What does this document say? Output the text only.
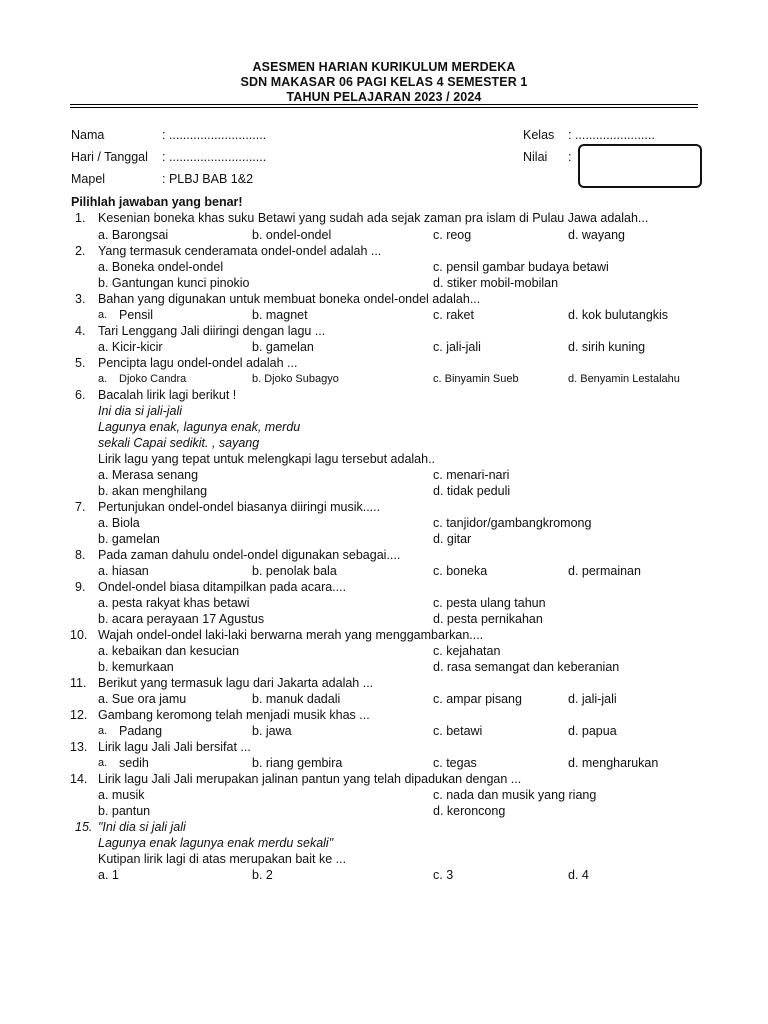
ASESMEN HARIAN KURIKULUM MERDEKA
SDN MAKASAR 06 PAGI KELAS 4 SEMESTER 1
TAHUN PELAJARAN 2023 / 2024
Nama	: ............................
Hari / Tanggal : ............................
Mapel	: PLBJ BAB 1&2
Kelas : .......................
Nilai :
Pilihlah jawaban yang benar!
1. Kesenian boneka khas suku Betawi yang sudah ada sejak zaman pra islam di Pulau Jawa adalah...
a. Barongsai	b. ondel-ondel	c. reog	d. wayang
2. Yang termasuk cenderamata ondel-ondel adalah ...
a. Boneka ondel-ondel	c. pensil gambar budaya betawi
b. Gantungan kunci pinokio	d. stiker mobil-mobilan
3. Bahan yang digunakan untuk membuat boneka ondel-ondel adalah...
a. Pensil	b. magnet	c. raket	d. kok bulutangkis
4. Tari Lenggang Jali diiringi dengan lagu ...
a. Kicir-kicir	b. gamelan	c. jali-jali	d. sirih kuning
5. Pencipta lagu ondel-ondel adalah ...
a. Djoko Candra	b. Djoko Subagyo	c. Binyamin Sueb	d. Benyamin Lestalahu
6. Bacalah lirik lagi berikut !
Ini dia si jali-jali
Lagunya enak, lagunya enak, merdu
sekali Capai sedikit. , sayang
Lirik lagu yang tepat untuk melengkapi lagu tersebut adalah..
a. Merasa senang	c. menari-nari
b. akan menghilang	d. tidak peduli
7. Pertunjukan ondel-ondel biasanya diiringi musik.....
a. Biola	c. tanjidor/gambangkromong
b. gamelan	d. gitar
8. Pada zaman dahulu ondel-ondel digunakan sebagai....
a. hiasan	b. penolak bala	c. boneka	d. permainan
9. Ondel-ondel biasa ditampilkan pada acara....
a. pesta rakyat khas betawi	c. pesta ulang tahun
b. acara perayaan 17 Agustus	d. pesta pernikahan
10. Wajah ondel-ondel laki-laki berwarna merah yang menggambarkan....
a. kebaikan dan kesucian	c. kejahatan
b. kemurkaan	d. rasa semangat dan keberanian
11. Berikut yang termasuk lagu dari Jakarta adalah ...
a. Sue ora jamu	b. manuk dadali	c. ampar pisang	d. jali-jali
12. Gambang keromong telah menjadi musik khas ...
a. Padang	b. jawa	c. betawi	d. papua
13. Lirik lagu Jali Jali bersifat ...
a. sedih	b. riang gembira	c. tegas	d. mengharukan
14. Lirik lagu Jali Jali merupakan jalinan pantun yang telah dipadukan dengan ...
a. musik	c. nada dan musik yang riang
b. pantun	d. keroncong
15. "Ini dia si jali jali
Lagunya enak lagunya enak merdu sekali"
Kutipan lirik lagi di atas merupakan bait ke ...
a. 1	b. 2	c. 3	d. 4
